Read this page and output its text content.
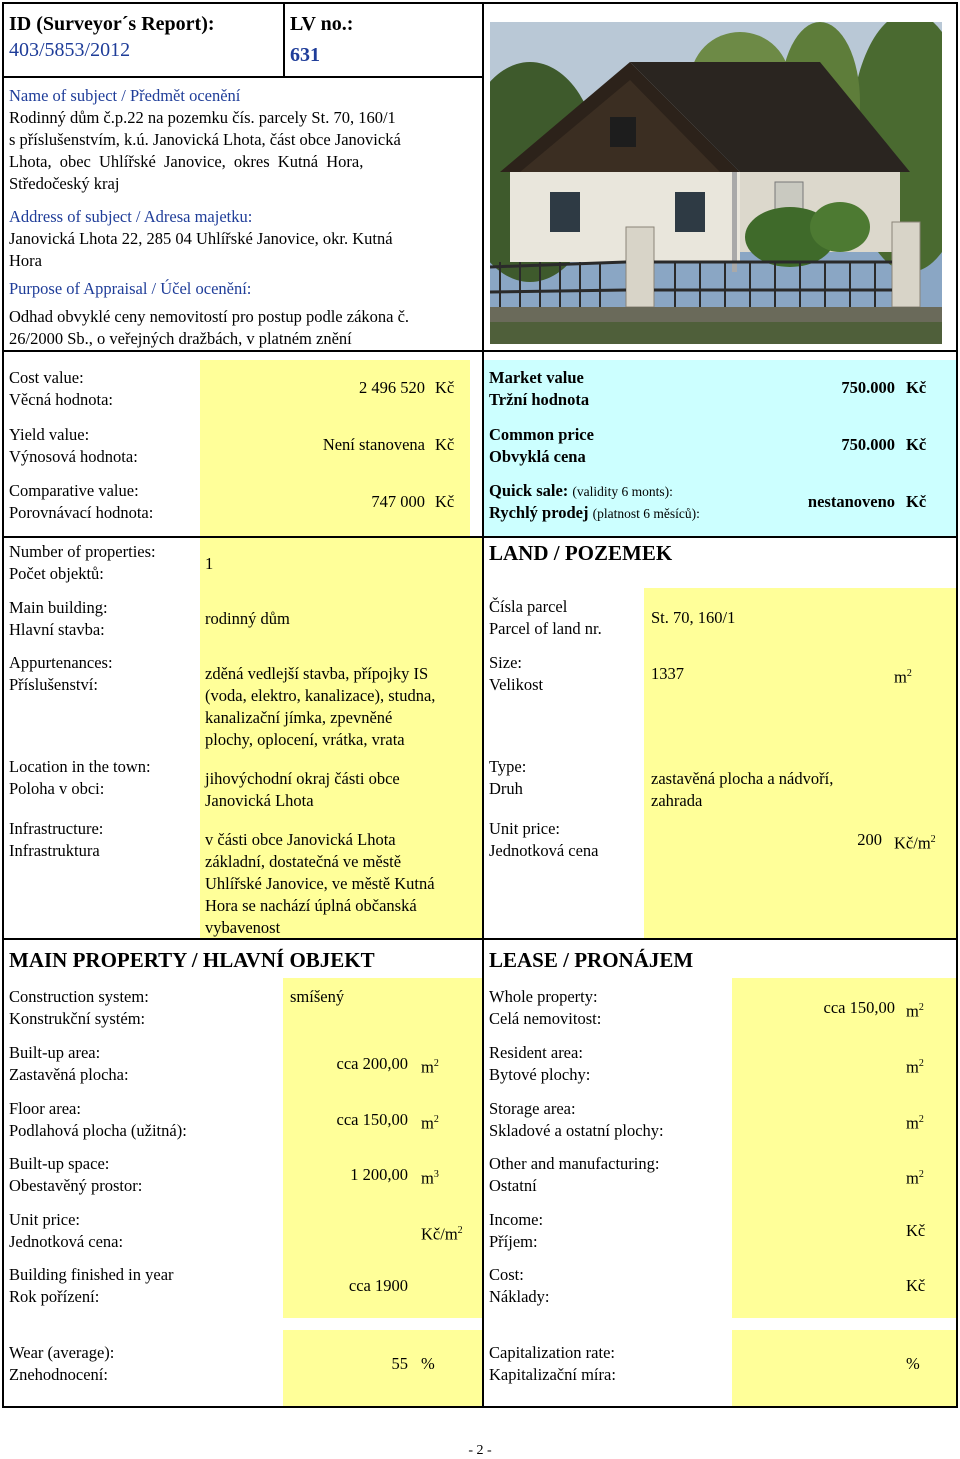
ID (Surveyor´s Report):
403/5853/2012
LV no.:
631
Name of subject / Předmět ocenění
Rodinný dům č.p.22 na pozemku čís. parcely St. 70, 160/1
s příslušenstvím, k.ú. Janovická Lhota, část obce Janovická
Lhota, obec Uhlířské Janovice, okres Kutná Hora,
Středočeský kraj
Address of subject / Adresa majetku:
Janovická Lhota 22, 285 04 Uhlířské Janovice, okr. Kutná
Hora
Purpose of Appraisal / Účel ocenění:
Odhad obvyklé ceny nemovitostí pro postup podle zákona č.
26/2000 Sb., o veřejných dražbách, v platném znění
Cost value:
Věcná hodnota:
2 496 520 Kč
Yield value:
Výnosová hodnota:
Není stanovena Kč
Comparative value:
Porovnávací hodnota:
747 000 Kč
Market value
Tržní hodnota
750.000 Kč
Common price
Obvyklá cena
750.000 Kč
Quick sale: (validity 6 monts):
Rychlý prodej (platnost 6 měsíců):
nestanoveno Kč
Number of properties:
Počet objektů:
1
Main building:
Hlavní stavba:
rodinný dům
Appurtenances:
Příslušenství:
zděná vedlejší stavba, přípojky IS
(voda, elektro, kanalizace), studna,
kanalizační jímka, zpevněné
plochy, oplocení, vrátka, vrata
Location in the town:
Poloha v obci:
jihovýchodní okraj části obce
Janovická Lhota
Infrastructure:
Infrastruktura
v části obce Janovická Lhota
základní, dostatečná ve městě
Uhlířské Janovice, ve městě Kutná
Hora se nachází úplná občanská
vybavenost
LAND / POZEMEK
Čísla parcel
Parcel of land nr.
St. 70, 160/1
Size:
Velikost
1337	$m^2$
Type:
Druh
zastavěná plocha a nádvoří,
zahrada
Unit price:
Jednotková cena
200 $Kč/m^2$
MAIN PROPERTY / HLAVNÍ OBJEKT	LEASE / PRONÁJEM
Construction system:
Konstrukční systém:
smíšený
Built-up area:
Zastavěná plocha:
cca 200,00 $m^2$
Floor area:
Podlahová plocha (užitná):
cca 150,00 $m^2$
Built-up space:
Obestavěný prostor:
1 200,00 $m^3$
Unit price:
Jednotková cena:	$Kč/m^2$
Building finished in year
Rok pořízení:
cca 1900
Wear (average):
Znehodnocení:
55 %
Whole property:
Celá nemovitost:
cca 150,00 $m^2$
Resident area:
Bytové plochy:	$m^2$
Storage area:
Skladové a ostatní plochy:	$m^2$
Other and manufacturing:
Ostatní	$m^2$
Income:
Příjem:
Kč
Cost:
Náklady:
Kč
Capitalization rate:
Kapitalizační míra:
%
- 2 -
